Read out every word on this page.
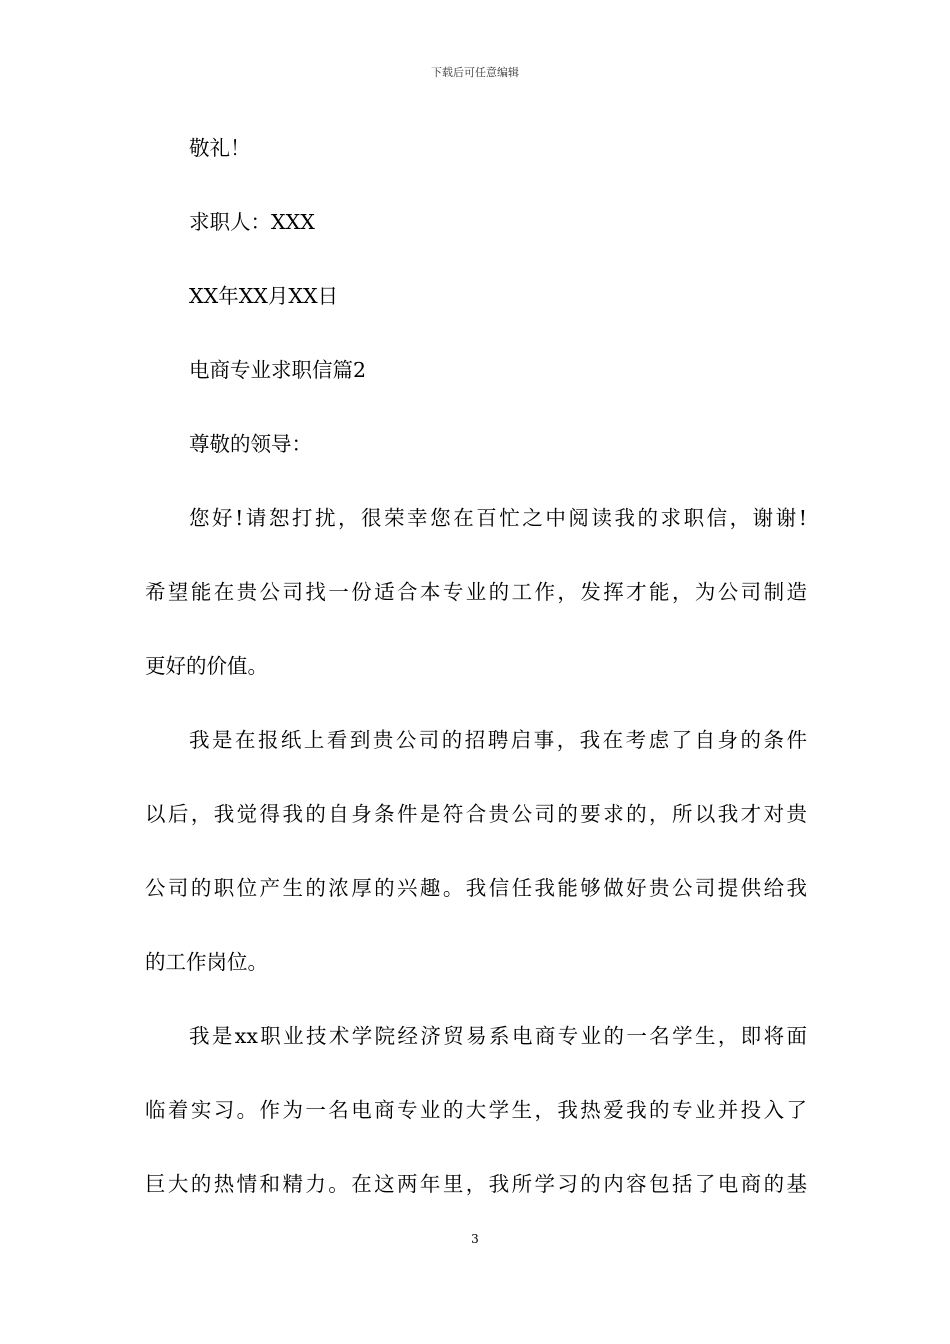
下载后可任意编辑

敬礼！

求职人：XXX

XX年XX月XX日

电商专业求职信篇2

尊敬的领导：

您好!请恕打扰，很荣幸您在百忙之中阅读我的求职信，谢谢!

希望能在贵公司找一份适合本专业的工作，发挥才能，为公司制造

更好的价值。

我是在报纸上看到贵公司的招聘启事，我在考虑了自身的条件

以后，我觉得我的自身条件是符合贵公司的要求的，所以我才对贵

公司的职位产生的浓厚的兴趣。我信任我能够做好贵公司提供给我

的工作岗位。

我是xx职业技术学院经济贸易系电商专业的一名学生，即将面

临着实习。作为一名电商专业的大学生，我热爱我的专业并投入了

巨大的热情和精力。在这两年里，我所学习的内容包括了电商的基

3
